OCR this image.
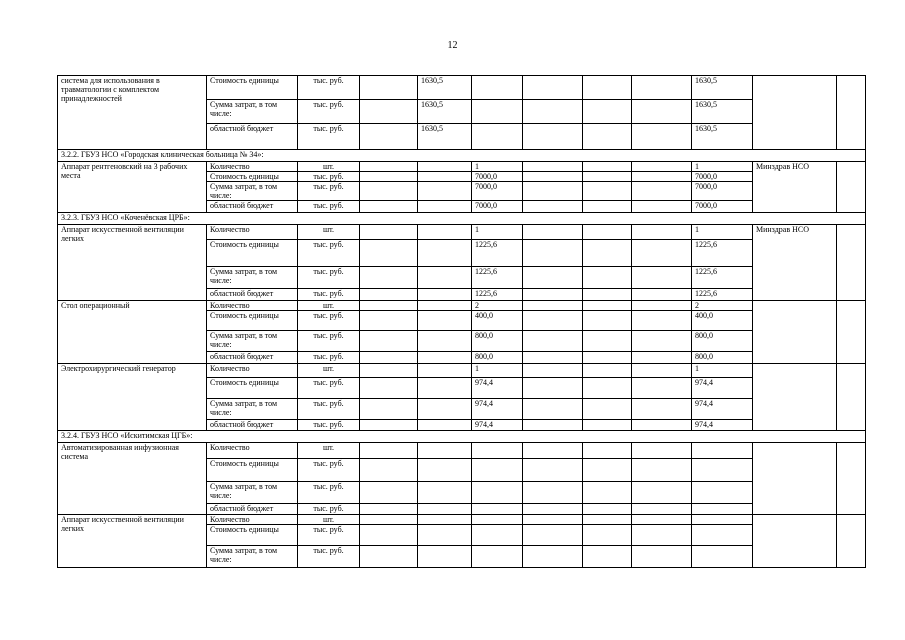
12
система для использования в травматологии с комплектом принадлежностей	Стоимость единицы	тыс. руб.		1630,5					1630,5		
	Сумма затрат, в том числе:	тыс. руб.		1630,5					1630,5		
	областной бюджет	тыс. руб.		1630,5					1630,5		
3.2.2. ГБУЗ НСО «Городская клиническая больница № 34»:											
Аппарат рентгеновский на 3 рабочих места	Количество	шт.			1				1	Минздрав НСО	
	Стоимость единицы	тыс. руб.			7000,0				7000,0		
	Сумма затрат, в том числе:	тыс. руб.			7000,0				7000,0		
	областной бюджет	тыс. руб.			7000,0				7000,0		
3.2.3. ГБУЗ НСО «Коченёвская ЦРБ»:											
Аппарат искусственной вентиляции легких	Количество	шт.			1				1	Минздрав НСО	
	Стоимость единицы	тыс. руб.			1225,6				1225,6		
	Сумма затрат, в том числе:	тыс. руб.			1225,6				1225,6		
	областной бюджет	тыс. руб.			1225,6				1225,6		
Стол операционный	Количество	шт.			2				2		
	Стоимость единицы	тыс. руб.			400,0				400,0		
	Сумма затрат, в том числе:	тыс. руб.			800,0				800,0		
	областной бюджет	тыс. руб.			800,0				800,0		
Электрохирургический генератор	Количество	шт.			1				1		
	Стоимость единицы	тыс. руб.			974,4				974,4		
	Сумма затрат, в том числе:	тыс. руб.			974,4				974,4		
	областной бюджет	тыс. руб.			974,4				974,4		
3.2.4. ГБУЗ НСО «Искитимская ЦГБ»:											
Автоматизированная инфузионная система	Количество	шт.									
	Стоимость единицы	тыс. руб.									
	Сумма затрат, в том числе:	тыс. руб.									
	областной бюджет	тыс. руб.									
Аппарат искусственной вентиляции легких	Количество	шт.									
	Стоимость единицы	тыс. руб.									
	Сумма затрат, в том числе:	тыс. руб.									
